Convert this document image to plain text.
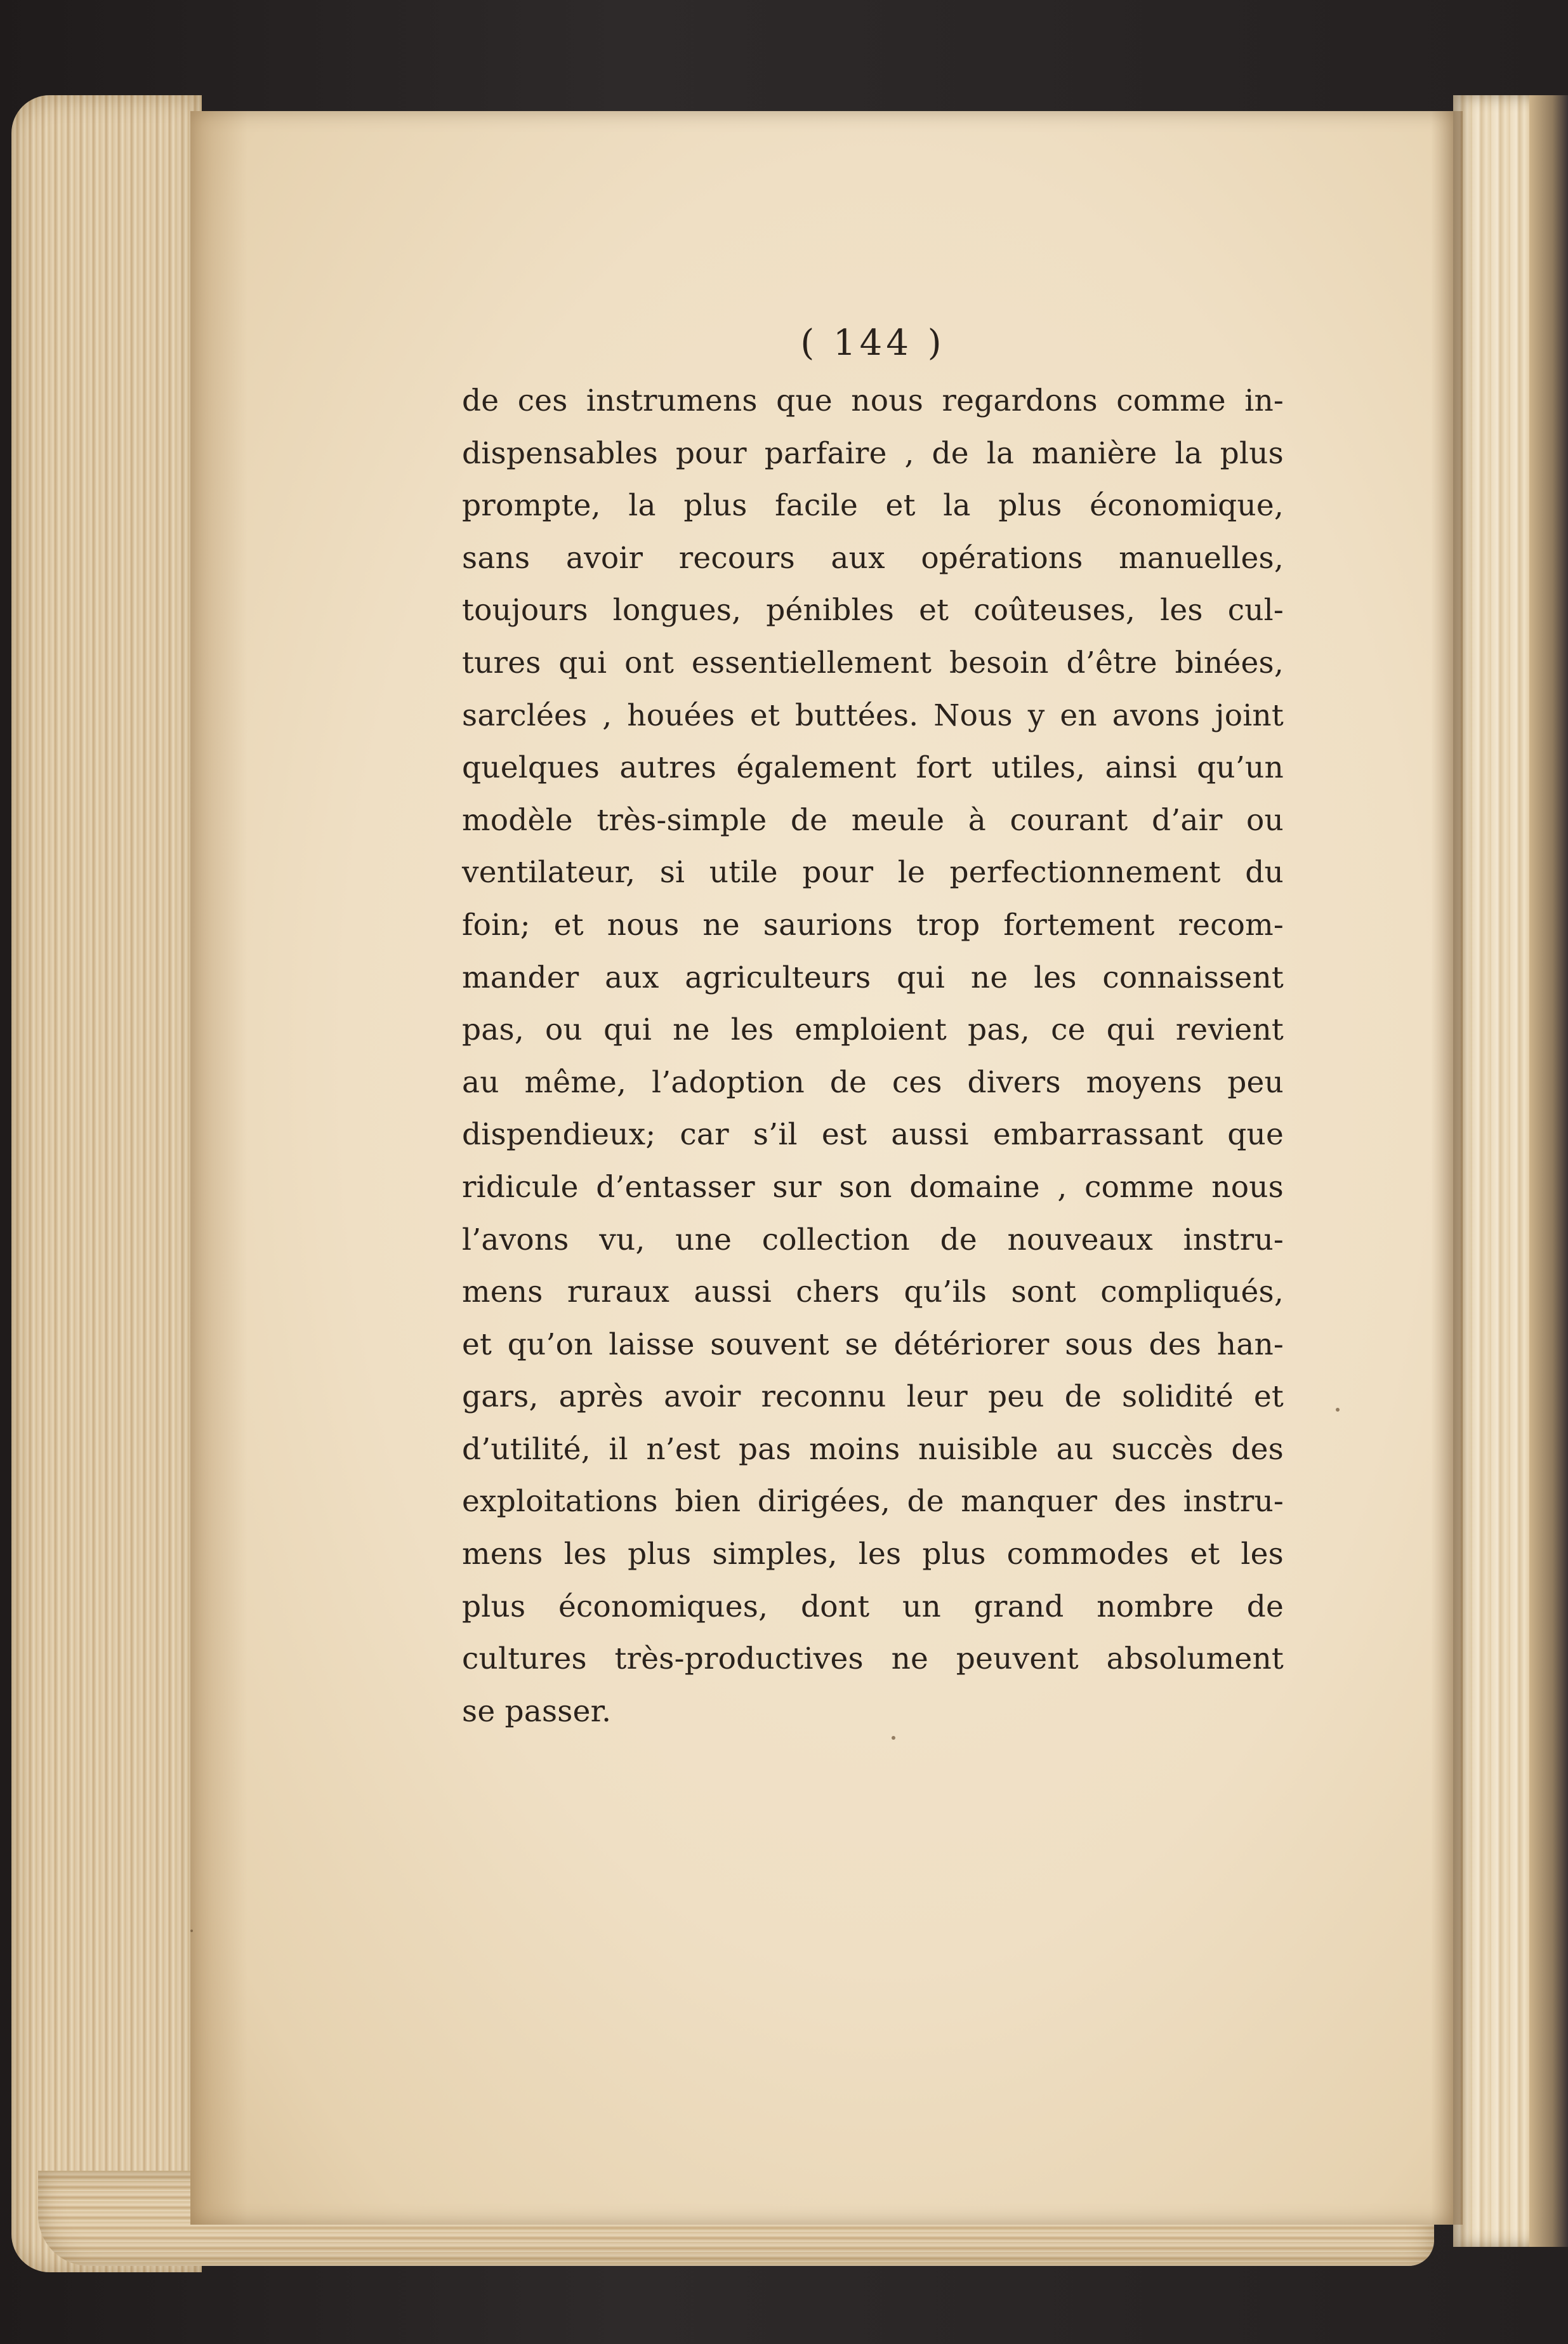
( 144 )
de ces instrumens que nous regardons comme in-
dispensables pour parfaire , de la manière la plus
prompte, la plus facile et la plus économique,
sans avoir recours aux opérations manuelles,
toujours longues, pénibles et coûteuses, les cul-
tures qui ont essentiellement besoin d’être binées,
sarclées , houées et buttées. Nous y en avons joint
quelques autres également fort utiles, ainsi qu’un
modèle très-simple de meule à courant d’air ou
ventilateur, si utile pour le perfectionnement du
foin; et nous ne saurions trop fortement recom-
mander aux agriculteurs qui ne les connaissent
pas, ou qui ne les emploient pas, ce qui revient
au même, l’adoption de ces divers moyens peu
dispendieux; car s’il est aussi embarrassant que
ridicule d’entasser sur son domaine , comme nous
l’avons vu, une collection de nouveaux instru-
mens ruraux aussi chers qu’ils sont compliqués,
et qu’on laisse souvent se détériorer sous des han-
gars, après avoir reconnu leur peu de solidité et
d’utilité, il n’est pas moins nuisible au succès des
exploitations bien dirigées, de manquer des instru-
mens les plus simples, les plus commodes et les
plus économiques, dont un grand nombre de
cultures très-productives ne peuvent absolument
se passer.
